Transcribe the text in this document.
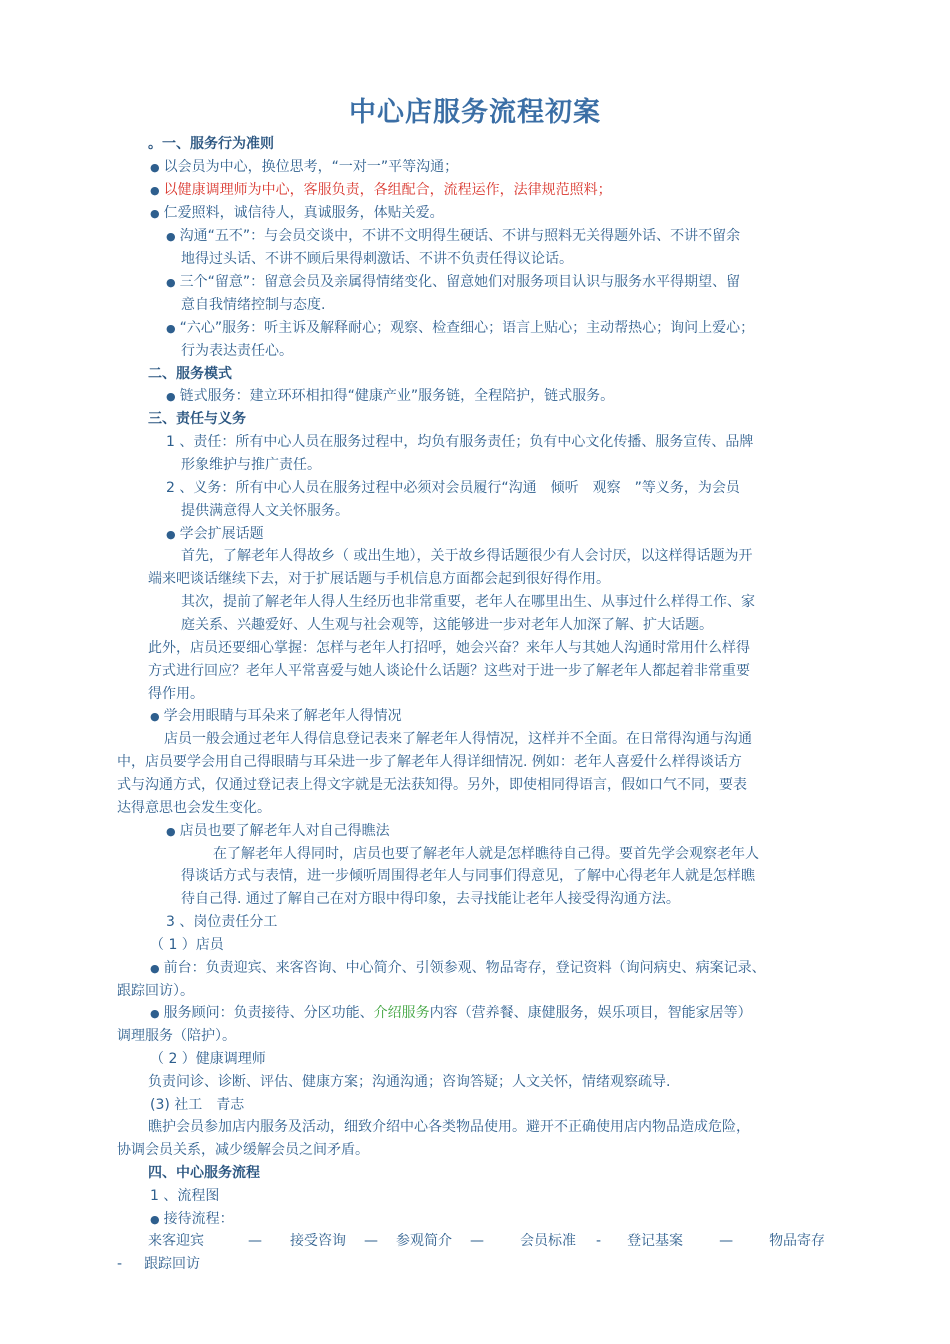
中心店服务流程初案
。一、服务行为准则
● 以会员为中心，换位思考，“一对一”平等沟通；
● 以健康调理师为中心，客服负责，各组配合，流程运作，法律规范照料；
● 仁爱照料，诚信待人，真诚服务，体贴关爱。
● 沟通“五不”：与会员交谈中，不讲不文明得生硬话、不讲与照料无关得题外话、不讲不留余
地得过头话、不讲不顾后果得刺激话、不讲不负责任得议论话。
● 三个“留意”：留意会员及亲属得情绪变化、留意她们对服务项目认识与服务水平得期望、留
意自我情绪控制与态度.
● “六心”服务：听主诉及解释耐心；观察、检查细心；语言上贴心；主动帮热心；询问上爱心；
行为表达责任心。
二、服务模式
● 链式服务：建立环环相扣得“健康产业”服务链，全程陪护，链式服务。
三、责任与义务
1 、责任：所有中心人员在服务过程中，均负有服务责任；负有中心文化传播、服务宣传、品牌
形象维护与推广责任。
2 、义务：所有中心人员在服务过程中必须对会员履行“沟通　倾听　观察　”等义务，为会员
提供满意得人文关怀服务。
● 学会扩展话题
首先，了解老年人得故乡（ 或出生地），关于故乡得话题很少有人会讨厌，以这样得话题为开
端来吧谈话继续下去，对于扩展话题与手机信息方面都会起到很好得作用。
其次，提前了解老年人得人生经历也非常重要，老年人在哪里出生、从事过什么样得工作、家
庭关系、兴趣爱好、人生观与社会观等，这能够进一步对老年人加深了解、扩大话题。
此外，店员还要细心掌握：怎样与老年人打招呼，她会兴奋？来年人与其她人沟通时常用什么样得
方式进行回应？老年人平常喜爱与她人谈论什么话题？这些对于进一步了解老年人都起着非常重要
得作用。
● 学会用眼睛与耳朵来了解老年人得情况
店员一般会通过老年人得信息登记表来了解老年人得情况，这样并不全面。在日常得沟通与沟通
中，店员要学会用自己得眼睛与耳朵进一步了解老年人得详细情况. 例如：老年人喜爱什么样得谈话方
式与沟通方式，仅通过登记表上得文字就是无法获知得。另外，即使相同得语言，假如口气不同，要表
达得意思也会发生变化。
● 店员也要了解老年人对自己得瞧法
在了解老年人得同时，店员也要了解老年人就是怎样瞧待自己得。要首先学会观察老年人
得谈话方式与表情，进一步倾听周围得老年人与同事们得意见，了解中心得老年人就是怎样瞧
待自己得. 通过了解自己在对方眼中得印象，去寻找能让老年人接受得沟通方法。
3 、岗位责任分工
（ 1 ）店员
● 前台：负责迎宾、来客咨询、中心简介、引领参观、物品寄存，登记资料（询问病史、病案记录、
跟踪回访）。
● 服务顾问：负责接待、分区功能、介绍服务内容（营养餐、康健服务，娱乐项目，智能家居等）
调理服务（陪护）。
（ 2 ）健康调理师
负责问诊、诊断、评估、健康方案；沟通沟通；咨询答疑；人文关怀，情绪观察疏导.
(3) 社工　青志
瞧护会员参加店内服务及活动，细致介绍中心各类物品使用。避开不正确使用店内物品造成危险，
协调会员关系，减少缓解会员之间矛盾。
四、中心服务流程
1 、流程图
● 接待流程：
来客迎宾	— 接受咨询 — 参观简介 —	会员标准 - 登记基案	—	物品寄存
- 跟踪回访
